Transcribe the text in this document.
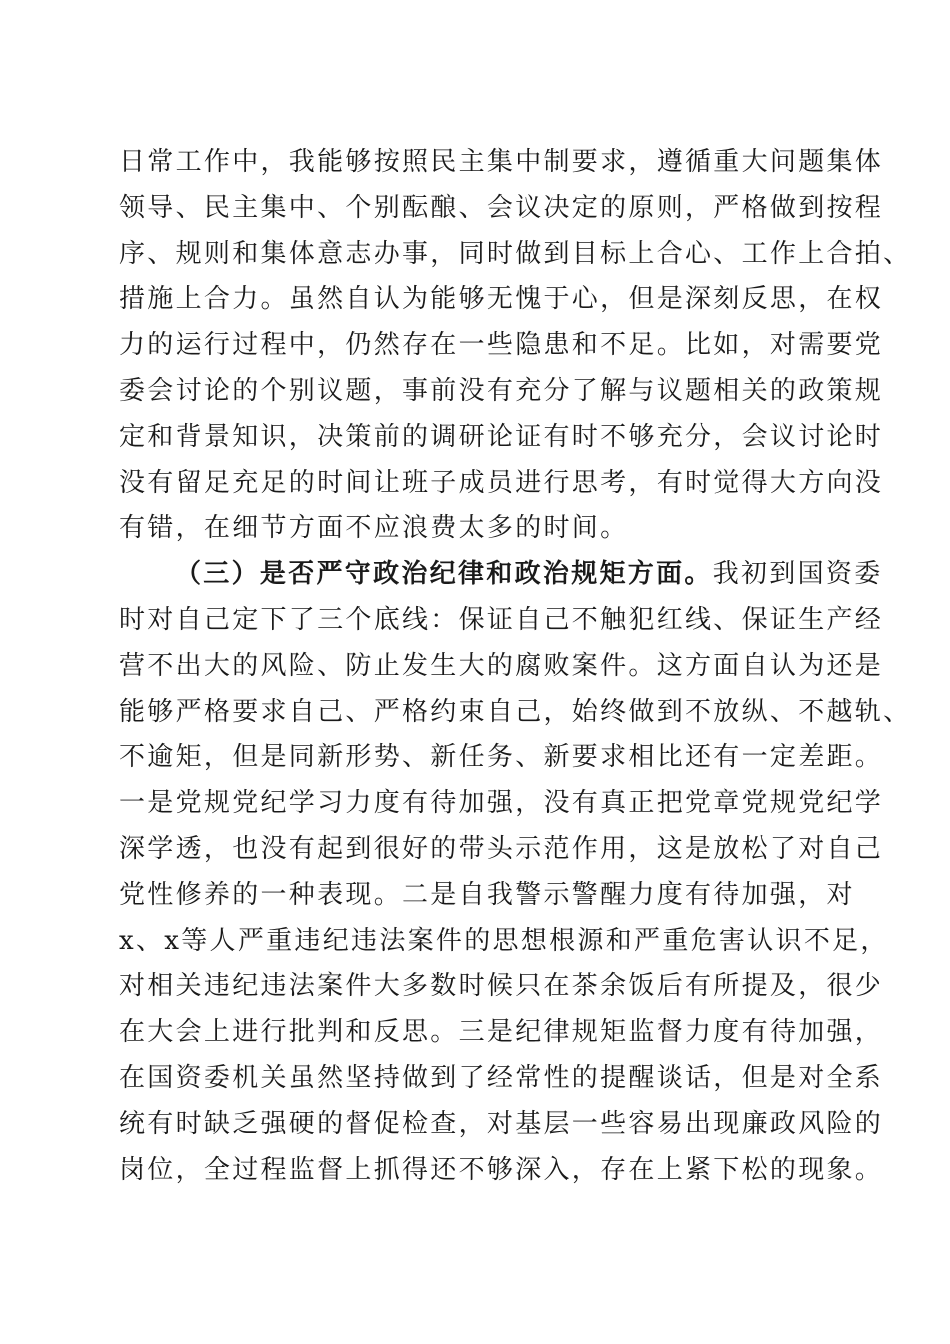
日常工作中，我能够按照民主集中制要求，遵循重大问题集体
领导、民主集中、个别酝酿、会议决定的原则，严格做到按程
序、规则和集体意志办事，同时做到目标上合心、工作上合拍、
措施上合力。虽然自认为能够无愧于心，但是深刻反思，在权
力的运行过程中，仍然存在一些隐患和不足。比如，对需要党
委会讨论的个别议题，事前没有充分了解与议题相关的政策规
定和背景知识，决策前的调研论证有时不够充分，会议讨论时
没有留足充足的时间让班子成员进行思考，有时觉得大方向没
有错，在细节方面不应浪费太多的时间。
（三）是否严守政治纪律和政治规矩方面。我初到国资委
时对自己定下了三个底线：保证自己不触犯红线、保证生产经
营不出大的风险、防止发生大的腐败案件。这方面自认为还是
能够严格要求自己、严格约束自己，始终做到不放纵、不越轨、
不逾矩，但是同新形势、新任务、新要求相比还有一定差距。
一是党规党纪学习力度有待加强，没有真正把党章党规党纪学
深学透，也没有起到很好的带头示范作用，这是放松了对自己
党性修养的一种表现。二是自我警示警醒力度有待加强，对
x、x等人严重违纪违法案件的思想根源和严重危害认识不足，
对相关违纪违法案件大多数时候只在茶余饭后有所提及，很少
在大会上进行批判和反思。三是纪律规矩监督力度有待加强，
在国资委机关虽然坚持做到了经常性的提醒谈话，但是对全系
统有时缺乏强硬的督促检查，对基层一些容易出现廉政风险的
岗位，全过程监督上抓得还不够深入，存在上紧下松的现象。
